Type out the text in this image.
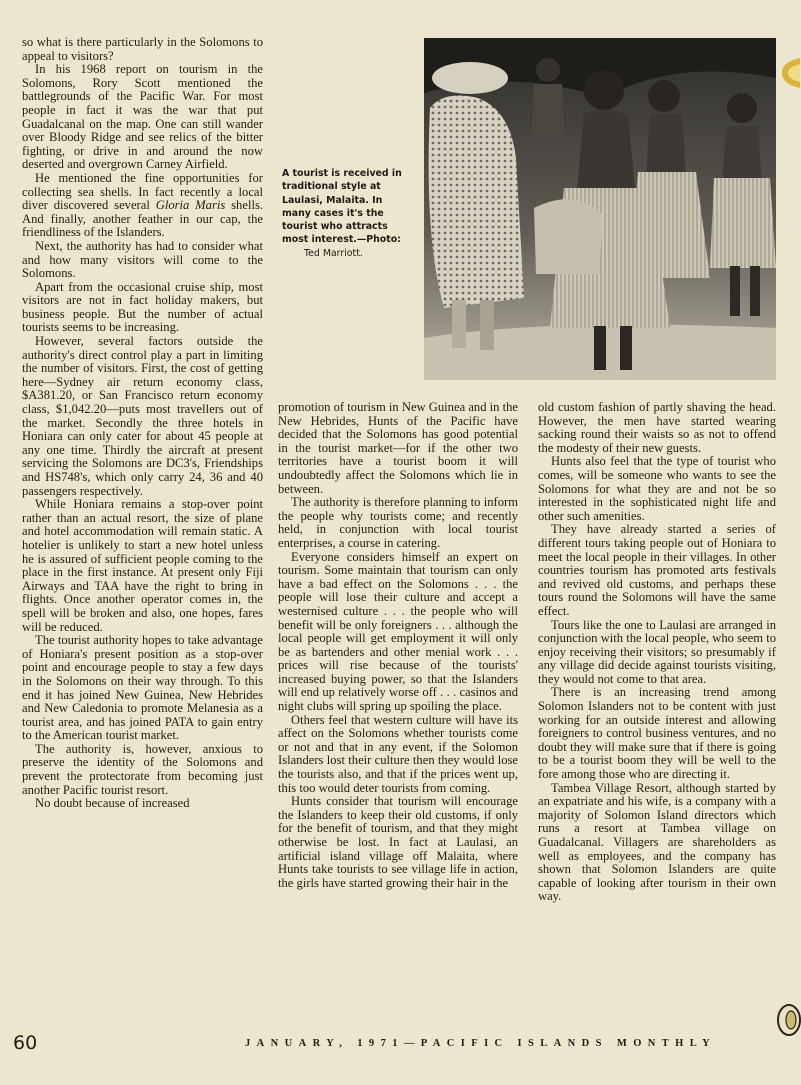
so what is there particularly in the Solomons to appeal to visitors?

In his 1968 report on tourism in the Solomons, Rory Scott mentioned the battlegrounds of the Pacific War. For most people in fact it was the war that put Guadalcanal on the map. One can still wander over Bloody Ridge and see relics of the bitter fighting, or drive in and around the now deserted and overgrown Carney Airfield.

He mentioned the fine opportunities for collecting sea shells. In fact recently a local diver discovered several Gloria Maris shells. And finally, another feather in our cap, the friendliness of the Islanders.

Next, the authority has had to consider what and how many visitors will come to the Solomons.

Apart from the occasional cruise ship, most visitors are not in fact holiday makers, but business people. But the number of actual tourists seems to be increasing.

However, several factors outside the authority's direct control play a part in limiting the number of visitors. First, the cost of getting here—Sydney air return economy class, $A381.20, or San Francisco return economy class, $1,042.20—puts most travellers out of the market. Secondly the three hotels in Honiara can only cater for about 45 people at any one time. Thirdly the aircraft at present servicing the Solomons are DC3's, Friendships and HS748's, which only carry 24, 36 and 40 passengers respectively.

While Honiara remains a stop-over point rather than an actual resort, the size of plane and hotel accommodation will remain static. A hotelier is unlikely to start a new hotel unless he is assured of sufficient people coming to the place in the first instance. At present only Fiji Airways and TAA have the right to bring in flights. Once another operator comes in, the spell will be broken and also, one hopes, fares will be reduced.

The tourist authority hopes to take advantage of Honiara's present position as a stop-over point and encourage people to stay a few days in the Solomons on their way through. To this end it has joined New Guinea, New Hebrides and New Caledonia to promote Melanesia as a tourist area, and has joined PATA to gain entry to the American tourist market.

The authority is, however, anxious to preserve the identity of the Solomons and prevent the protectorate from becoming just another Pacific tourist resort.

No doubt because of increased

A tourist is received in traditional style at Laulasi, Malaita. In many cases it's the tourist who attracts most interest.—Photo:
Ted Marriott.

promotion of tourism in New Guinea and in the New Hebrides, Hunts of the Pacific have decided that the Solomons has good potential in the tourist market—for if the other two territories have a tourist boom it will undoubtedly affect the Solomons which lie in between.

The authority is therefore planning to inform the people why tourists come; and recently held, in conjunction with local tourist enterprises, a course in catering.

Everyone considers himself an expert on tourism. Some maintain that tourism can only have a bad effect on the Solomons . . . the people will lose their culture and accept a westernised culture . . . the people who will benefit will be only foreigners . . . although the local people will get employment it will only be as bartenders and other menial work . . . prices will rise because of the tourists' increased buying power, so that the Islanders will end up relatively worse off . . . casinos and night clubs will spring up spoiling the place.

Others feel that western culture will have its affect on the Solomons whether tourists come or not and that in any event, if the Solomon Islanders lost their culture then they would lose the tourists also, and that if the prices went up, this too would deter tourists from coming.

Hunts consider that tourism will encourage the Islanders to keep their old customs, if only for the benefit of tourism, and that they might otherwise be lost. In fact at Laulasi, an artificial island village off Malaita, where Hunts take tourists to see village life in action, the girls have started growing their hair in the

old custom fashion of partly shaving the head. However, the men have started wearing sacking round their waists so as not to offend the modesty of their new guests.

Hunts also feel that the type of tourist who comes, will be someone who wants to see the Solomons for what they are and not be so interested in the sophisticated night life and other such amenities.

They have already started a series of different tours taking people out of Honiara to meet the local people in their villages. In other countries tourism has promoted arts festivals and revived old customs, and perhaps these tours round the Solomons will have the same effect.

Tours like the one to Laulasi are arranged in conjunction with the local people, who seem to enjoy receiving their visitors; so presumably if any village did decide against tourists visiting, they would not come to that area.

There is an increasing trend among Solomon Islanders not to be content with just working for an outside interest and allowing foreigners to control business ventures, and no doubt they will make sure that if there is going to be a tourist boom they will be well to the fore among those who are directing it.

Tambea Village Resort, although started by an expatriate and his wife, is a company with a majority of Solomon Island directors which runs a resort at Tambea village on Guadalcanal. Villagers are shareholders as well as employees, and the company has shown that Solomon Islanders are quite capable of looking after tourism in their own way.

60	JANUARY, 1971—PACIFIC ISLANDS MONTHLY
